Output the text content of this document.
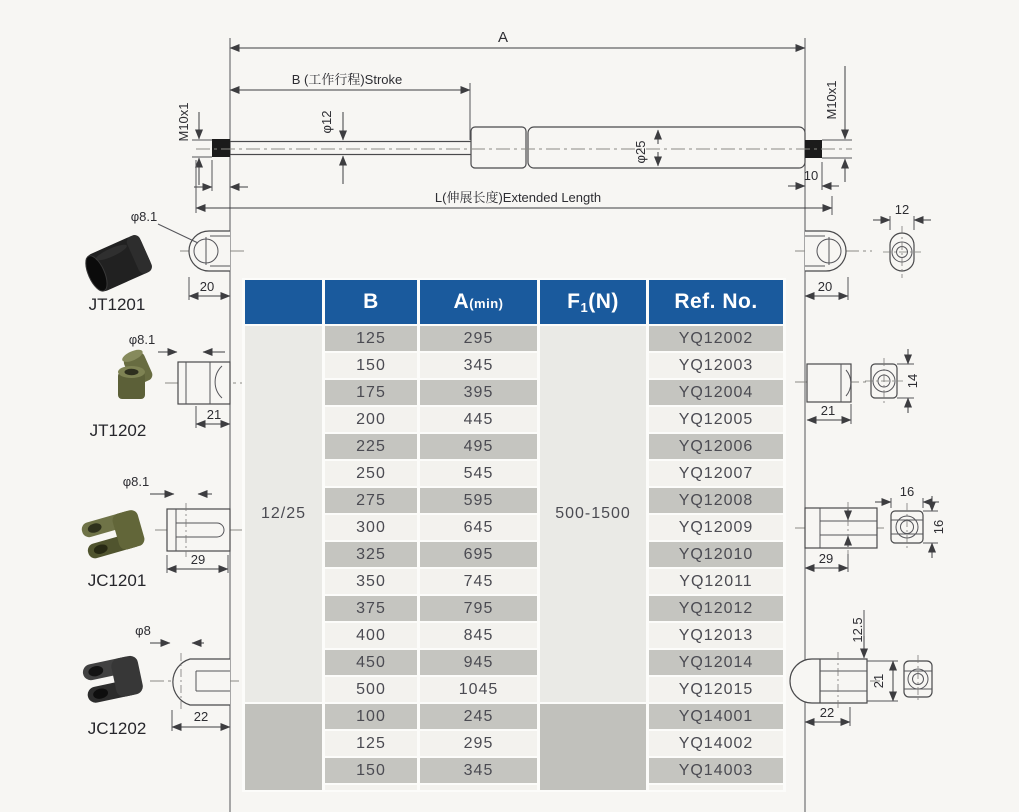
A
B (工作行程)Stroke
M10x1
M10x1
φ12
φ25
10
L(伸展长度)Extended Length
φ8.1
20	20
12
φ8.1
21	21
14
φ8.1
29	29
16
16
φ8
22
12.5
21
22
JT1201
JT1202
JC1201
JC1202
	B	A(min)	F1(N)	Ref. No.
12/25	125	295	500-1500	YQ12002
	150	345		YQ12003
	175	395		YQ12004
	200	445		YQ12005
	225	495		YQ12006
	250	545		YQ12007
	275	595		YQ12008
	300	645		YQ12009
	325	695		YQ12010
	350	745		YQ12011
	375	795		YQ12012
	400	845		YQ12013
	450	945		YQ12014
	500	1045		YQ12015
	100	245		YQ14001
	125	295		YQ14002
	150	345		YQ14003
